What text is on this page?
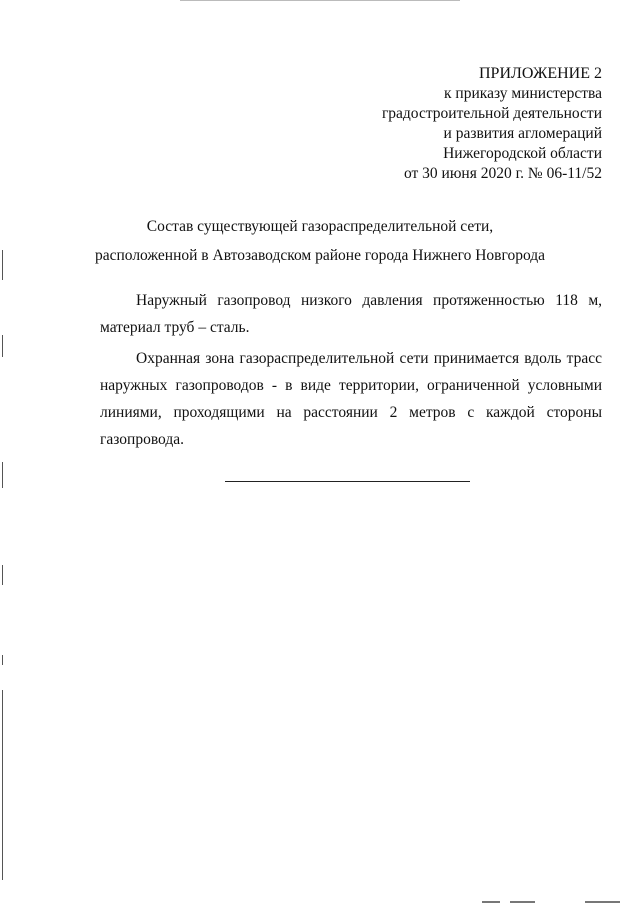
ПРИЛОЖЕНИЕ 2
к приказу министерства
градостроительной деятельности
и развития агломераций
Нижегородской области
от 30 июня 2020 г. № 06-11/52
Состав существующей газораспределительной сети,
расположенной в Автозаводском районе города Нижнего Новгорода

Наружный газопровод низкого давления протяженностью 118 м, материал труб – сталь.

Охранная зона газораспределительной сети принимается вдоль трасс наружных газопроводов - в виде территории, ограниченной условными линиями, проходящими на расстоянии 2 метров с каждой стороны газопровода.
